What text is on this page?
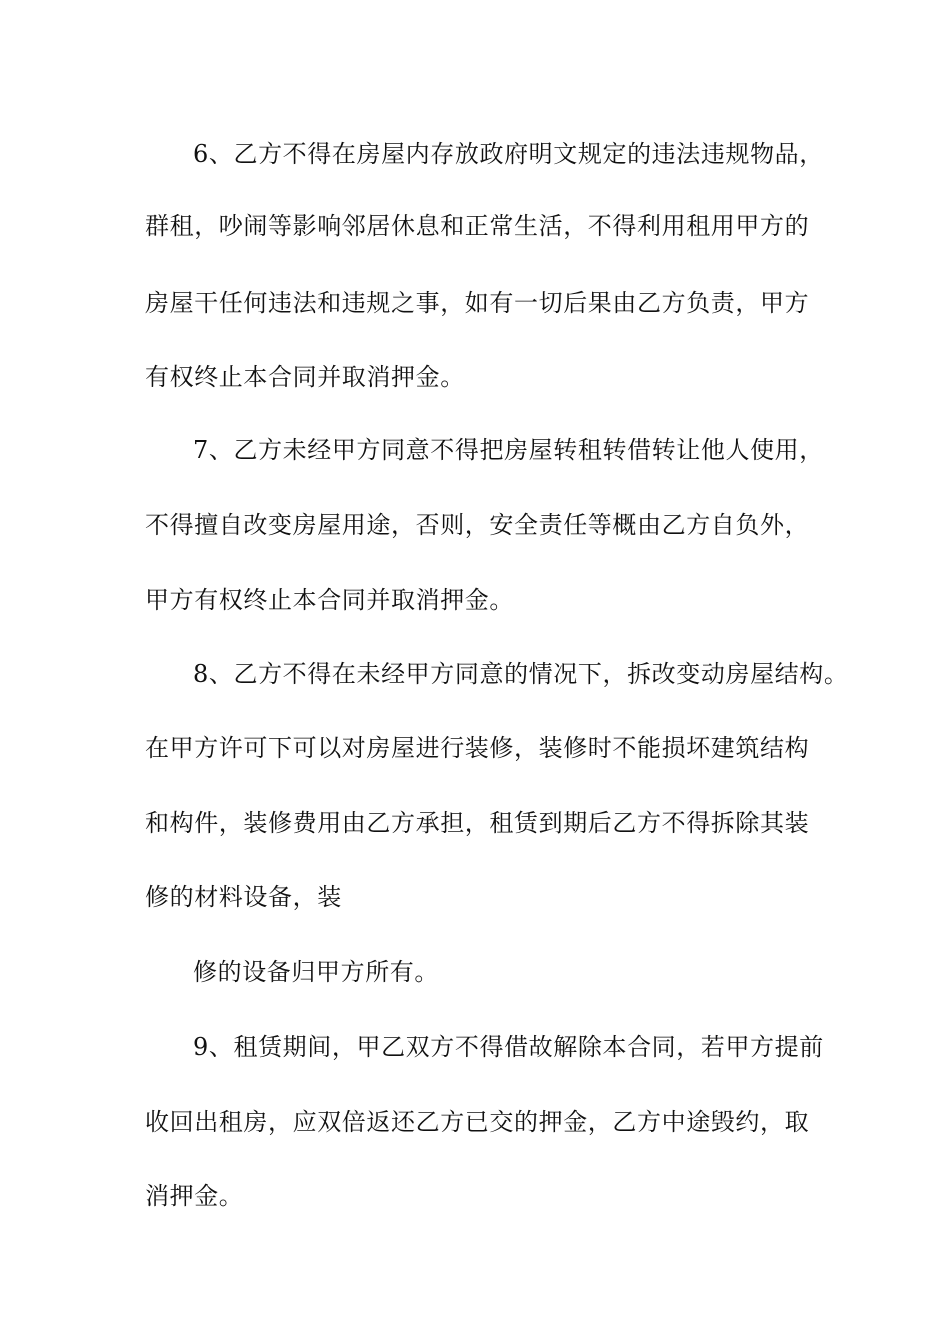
6、乙方不得在房屋内存放政府明文规定的违法违规物品，
群租，吵闹等影响邻居休息和正常生活，不得利用租用甲方的
房屋干任何违法和违规之事，如有一切后果由乙方负责，甲方
有权终止本合同并取消押金。
7、乙方未经甲方同意不得把房屋转租转借转让他人使用，
不得擅自改变房屋用途，否则，安全责任等概由乙方自负外，
甲方有权终止本合同并取消押金。
8、乙方不得在未经甲方同意的情况下，拆改变动房屋结构。
在甲方许可下可以对房屋进行装修，装修时不能损坏建筑结构
和构件，装修费用由乙方承担，租赁到期后乙方不得拆除其装
修的材料设备，装
修的设备归甲方所有。
9、租赁期间，甲乙双方不得借故解除本合同，若甲方提前
收回出租房，应双倍返还乙方已交的押金，乙方中途毁约，取
消押金。
